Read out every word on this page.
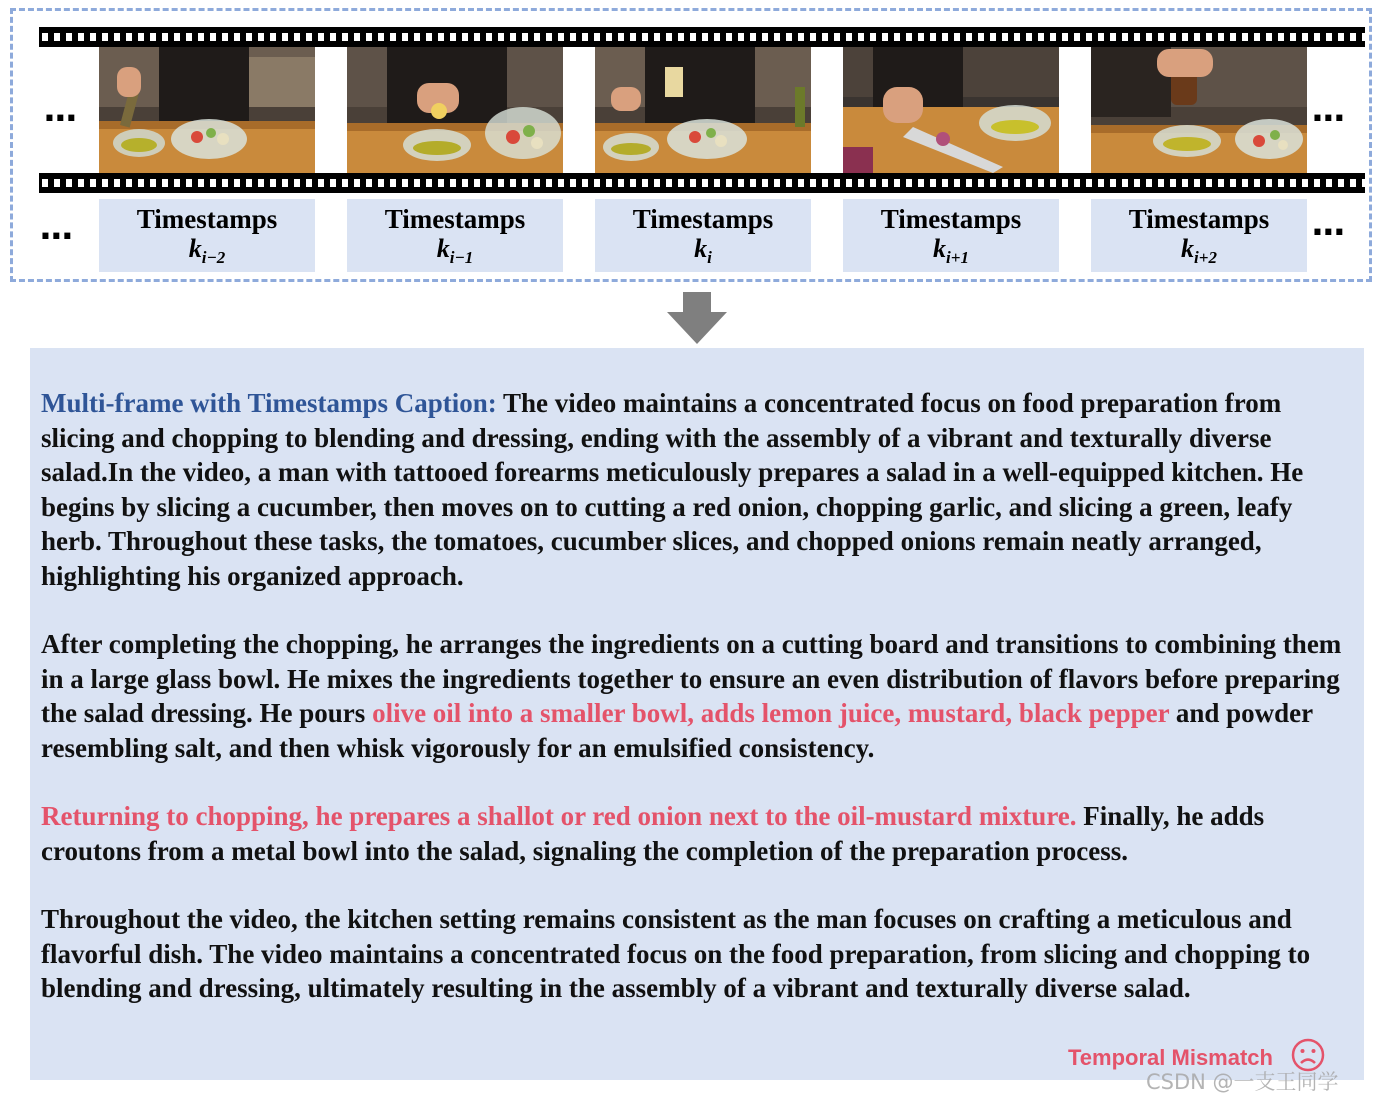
...	...
...	...
Timestamps
$k_{i-2}$
Timestamps
$k_{i-1}$
Timestamps
$k_i$
Timestamps
$k_{i+1}$
Timestamps
$k_{i+2}$

Multi-frame with Timestamps Caption: The video maintains a concentrated focus on food preparation from slicing and chopping to blending and dressing, ending with the assembly of a vibrant and texturally diverse salad.In the video, a man with tattooed forearms meticulously prepares a salad in a well-equipped kitchen. He begins by slicing a cucumber, then moves on to cutting a red onion, chopping garlic, and slicing a green, leafy herb. Throughout these tasks, the tomatoes, cucumber slices, and chopped onions remain neatly arranged, highlighting his organized approach.

After completing the chopping, he arranges the ingredients on a cutting board and transitions to combining them in a large glass bowl. He mixes the ingredients together to ensure an even distribution of flavors before preparing the salad dressing. He pours olive oil into a smaller bowl, adds lemon juice, mustard, black pepper and powder resembling salt, and then whisk vigorously for an emulsified consistency.

Returning to chopping, he prepares a shallot or red onion next to the oil-mustard mixture. Finally, he adds croutons from a metal bowl into the salad, signaling the completion of the preparation process.

Throughout the video, the kitchen setting remains consistent as the man focuses on crafting a meticulous and flavorful dish. The video maintains a concentrated focus on the food preparation, from slicing and chopping to blending and dressing, ultimately resulting in the assembly of a vibrant and texturally diverse salad.

Temporal Mismatch
CSDN @一支王同学
